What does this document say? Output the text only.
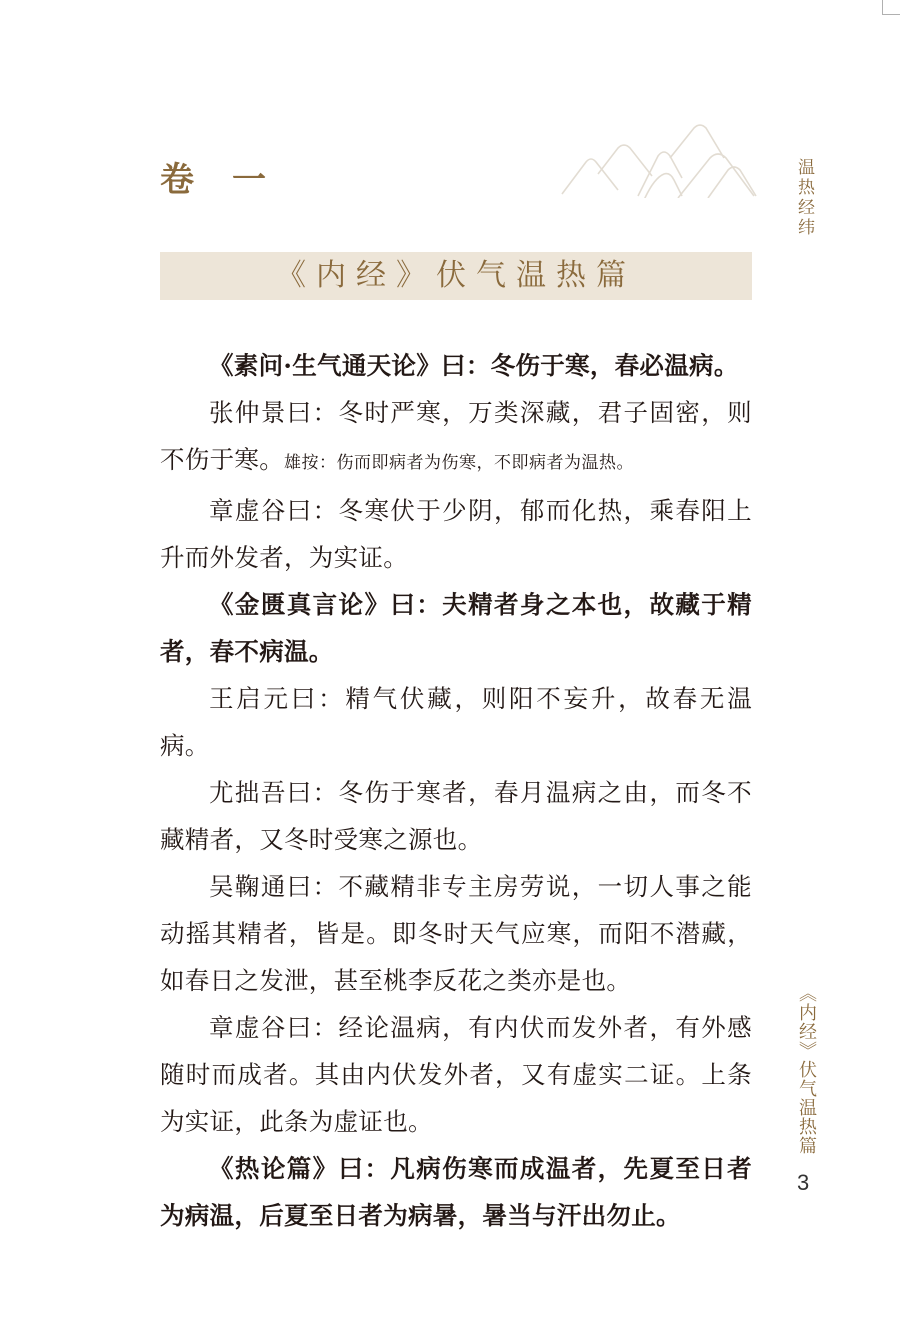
卷　一
《内经》伏气温热篇

《素问·生气通天论》曰：冬伤于寒，春必温病。

张仲景曰：冬时严寒，万类深藏，君子固密，则不伤于寒。雄按：伤而即病者为伤寒，不即病者为温热。

章虚谷曰：冬寒伏于少阴，郁而化热，乘春阳上升而外发者，为实证。

《金匮真言论》曰：夫精者身之本也，故藏于精者，春不病温。

王启元曰：精气伏藏，则阳不妄升，故春无温病。

尤拙吾曰：冬伤于寒者，春月温病之由，而冬不藏精者，又冬时受寒之源也。

吴鞠通曰：不藏精非专主房劳说，一切人事之能动摇其精者，皆是。即冬时天气应寒，而阳不潜藏，如春日之发泄，甚至桃李反花之类亦是也。

章虚谷曰：经论温病，有内伏而发外者，有外感随时而成者。其由内伏发外者，又有虚实二证。上条为实证，此条为虚证也。

《热论篇》曰：凡病伤寒而成温者，先夏至日者为病温，后夏至日者为病暑，暑当与汗出勿止。

温热经纬
《内经》伏气温热篇
3
